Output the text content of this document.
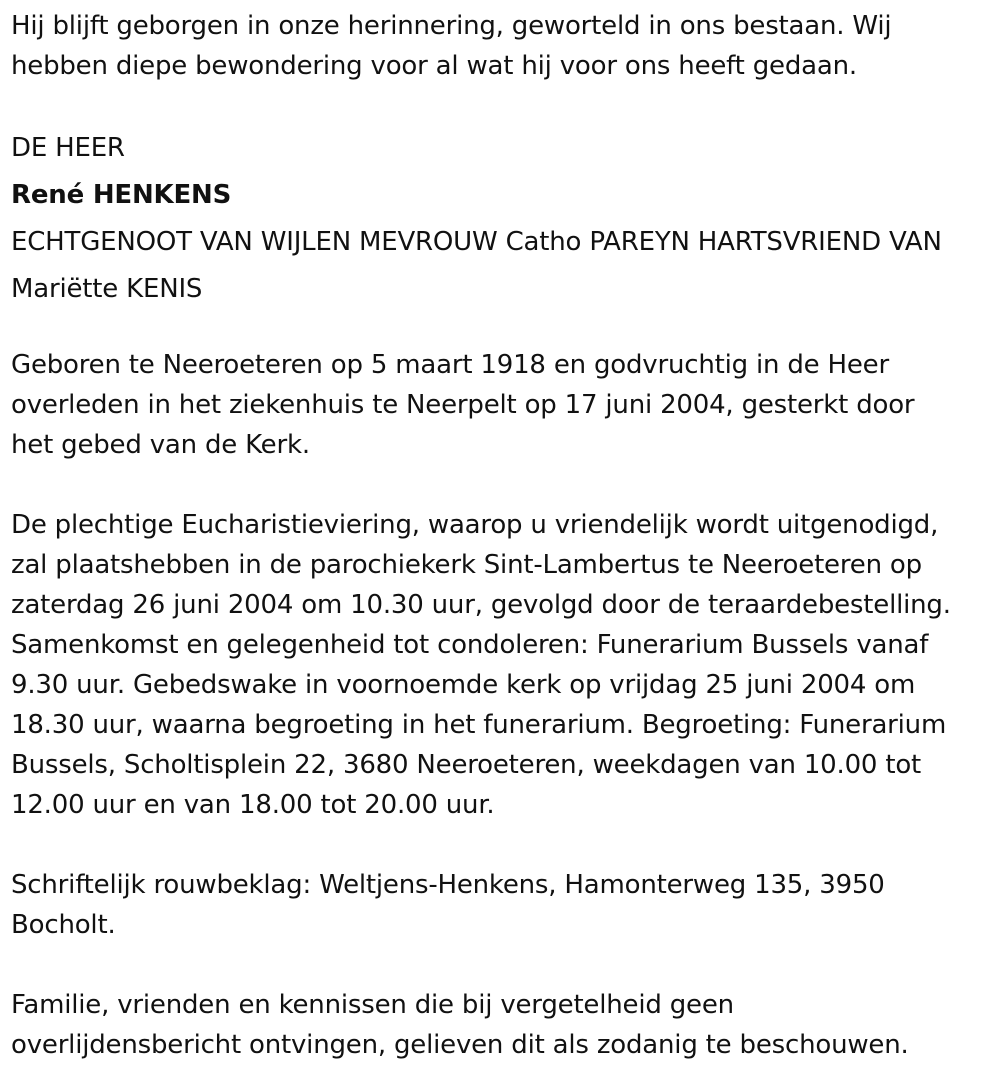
Hij blijft geborgen in onze herinnering, geworteld in ons bestaan. Wij
hebben diepe bewondering voor al wat hij voor ons heeft gedaan.

DE HEER

René HENKENS

ECHTGENOOT VAN WIJLEN MEVROUW Catho PAREYN HARTSVRIEND VAN
Mariëtte KENIS

Geboren te Neeroeteren op 5 maart 1918 en godvruchtig in de Heer
overleden in het ziekenhuis te Neerpelt op 17 juni 2004, gesterkt door
het gebed van de Kerk.

De plechtige Eucharistieviering, waarop u vriendelijk wordt uitgenodigd,
zal plaatshebben in de parochiekerk Sint-Lambertus te Neeroeteren op
zaterdag 26 juni 2004 om 10.30 uur, gevolgd door de teraardebestelling.
Samenkomst en gelegenheid tot condoleren: Funerarium Bussels vanaf
9.30 uur. Gebedswake in voornoemde kerk op vrijdag 25 juni 2004 om
18.30 uur, waarna begroeting in het funerarium. Begroeting: Funerarium
Bussels, Scholtisplein 22, 3680 Neeroeteren, weekdagen van 10.00 tot
12.00 uur en van 18.00 tot 20.00 uur.

Schriftelijk rouwbeklag: Weltjens-Henkens, Hamonterweg 135, 3950
Bocholt.

Familie, vrienden en kennissen die bij vergetelheid geen
overlijdensbericht ontvingen, gelieven dit als zodanig te beschouwen.
